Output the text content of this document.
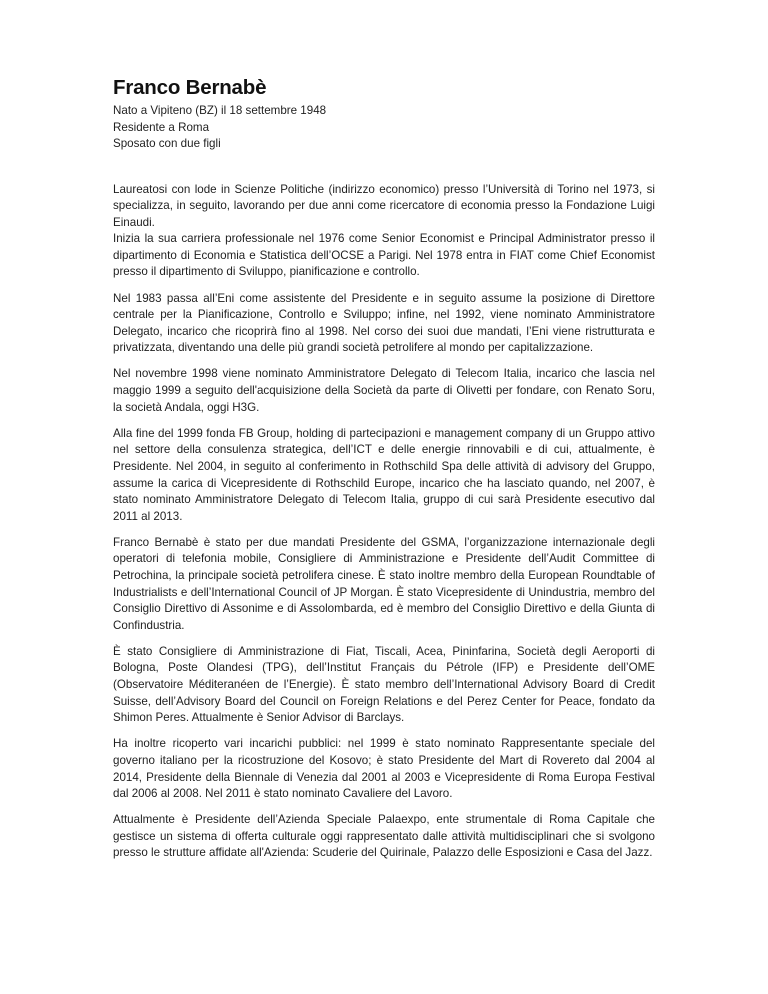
Franco Bernabè

Nato a Vipiteno (BZ) il 18 settembre 1948

Residente a Roma

Sposato con due figli

Laureatosi con lode in Scienze Politiche (indirizzo economico) presso l’Università di Torino nel 1973, si specializza, in seguito, lavorando per due anni come ricercatore di economia presso la Fondazione Luigi Einaudi.

Inizia la sua carriera professionale nel 1976 come Senior Economist e Principal Administrator presso il dipartimento di Economia e Statistica dell’OCSE a Parigi. Nel 1978 entra in FIAT come Chief Economist presso il dipartimento di Sviluppo, pianificazione e controllo.

Nel 1983 passa all’Eni come assistente del Presidente e in seguito assume la posizione di Direttore centrale per la Pianificazione, Controllo e Sviluppo; infine, nel 1992, viene nominato Amministratore Delegato, incarico che ricoprirà fino al 1998. Nel corso dei suoi due mandati, l’Eni viene ristrutturata e privatizzata, diventando una delle più grandi società petrolifere al mondo per capitalizzazione.

Nel novembre 1998 viene nominato Amministratore Delegato di Telecom Italia, incarico che lascia nel maggio 1999 a seguito dell'acquisizione della Società da parte di Olivetti per fondare, con Renato Soru, la società Andala, oggi H3G.

Alla fine del 1999 fonda FB Group, holding di partecipazioni e management company di un Gruppo attivo nel settore della consulenza strategica, dell’ICT e delle energie rinnovabili e di cui, attualmente, è Presidente. Nel 2004, in seguito al conferimento in Rothschild Spa delle attività di advisory del Gruppo, assume la carica di Vicepresidente di Rothschild Europe, incarico che ha lasciato quando, nel 2007, è stato nominato Amministratore Delegato di Telecom Italia, gruppo di cui sarà Presidente esecutivo dal 2011 al 2013.

Franco Bernabè è stato per due mandati Presidente del GSMA, l’organizzazione internazionale degli operatori di telefonia mobile, Consigliere di Amministrazione e Presidente dell’Audit Committee di Petrochina, la principale società petrolifera cinese. È stato inoltre membro della European Roundtable of Industrialists e dell’International Council of JP Morgan. È stato Vicepresidente di Unindustria, membro del Consiglio Direttivo di Assonime e di Assolombarda, ed è membro del Consiglio Direttivo e della Giunta di Confindustria.

È stato Consigliere di Amministrazione di Fiat, Tiscali, Acea, Pininfarina, Società degli Aeroporti di Bologna, Poste Olandesi (TPG), dell’Institut Français du Pétrole (IFP) e Presidente dell’OME (Observatoire Méditeranéen de l’Energie). È stato membro dell’International Advisory Board di Credit Suisse, dell’Advisory Board del Council on Foreign Relations e del Perez Center for Peace, fondato da Shimon Peres. Attualmente è Senior Advisor di Barclays.

Ha inoltre ricoperto vari incarichi pubblici: nel 1999 è stato nominato Rappresentante speciale del governo italiano per la ricostruzione del Kosovo; è stato Presidente del Mart di Rovereto dal 2004 al 2014, Presidente della Biennale di Venezia dal 2001 al 2003 e Vicepresidente di Roma Europa Festival dal 2006 al 2008. Nel 2011 è stato nominato Cavaliere del Lavoro.

Attualmente è Presidente dell’Azienda Speciale Palaexpo, ente strumentale di Roma Capitale che gestisce un sistema di offerta culturale oggi rappresentato dalle attività multidisciplinari che si svolgono presso le strutture affidate all'Azienda: Scuderie del Quirinale, Palazzo delle Esposizioni e Casa del Jazz.
